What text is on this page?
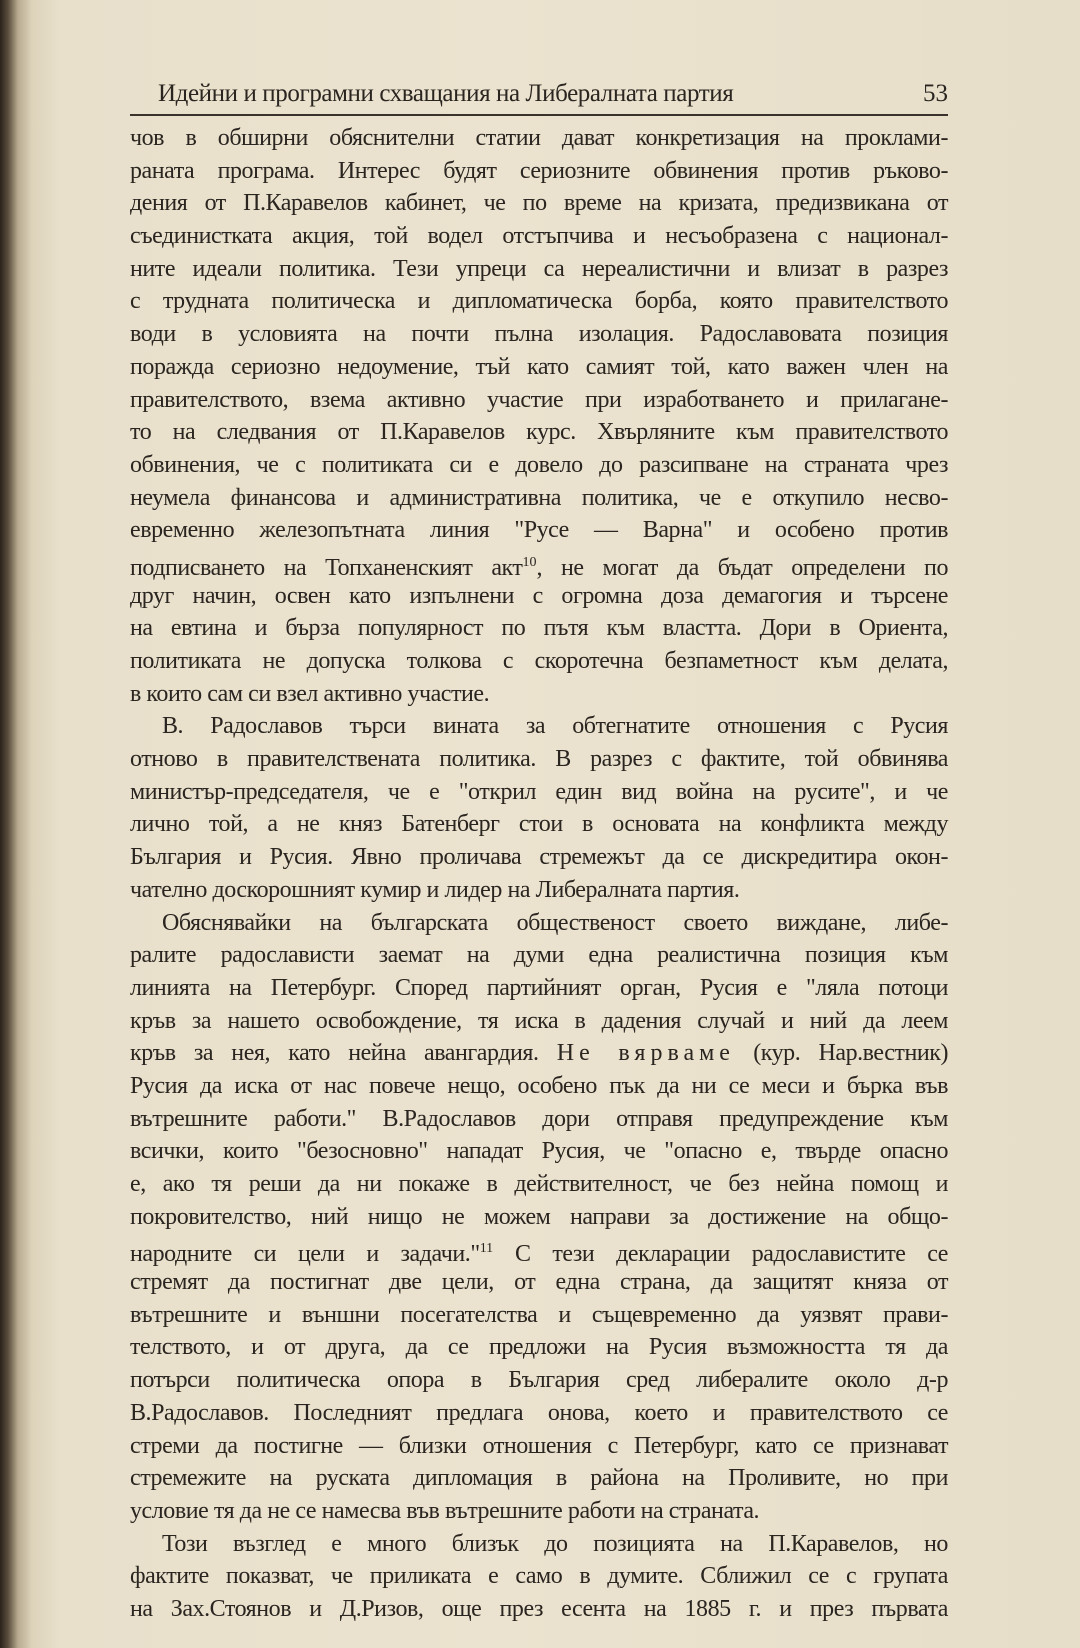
Идейни и програмни схващания на Либералната партия	53
чов в обширни обяснителни статии дават конкретизация на проклами-
раната програма. Интерес будят сериозните обвинения против ръково-
дения от П.Каравелов кабинет, че по време на кризата, предизвикана от
съединистката акция, той водел отстъпчива и несъобразена с национал-
ните идеали политика. Тези упреци са нереалистични и влизат в разрез
с трудната политическа и дипломатическа борба, която правителството
води в условията на почти пълна изолация. Радославовата позиция
поражда сериозно недоумение, тъй като самият той, като важен член на
правителството, взема активно участие при изработването и прилагане-
то на следвания от П.Каравелов курс. Хвърляните към правителството
обвинения, че с политиката си е довело до разсипване на страната чрез
неумела финансова и административна политика, че е откупило несво-
евременно железопътната линия "Русе — Варна" и особено против
подписването на Топханенският акт$^{10}$, не могат да бъдат определени по
друг начин, освен като изпълнени с огромна доза демагогия и търсене
на евтина и бърза популярност по пътя към властта. Дори в Ориента,
политиката не допуска толкова с скоротечна безпаметност към делата,
в които сам си взел активно участие.
В. Радославов търси вината за обтегнатите отношения с Русия
отново в правителствената политика. В разрез с фактите, той обвинява
министър-председателя, че е "открил един вид война на русите", и че
лично той, а не княз Батенберг стои в основата на конфликта между
България и Русия. Явно проличава стремежът да се дискредитира окон-
чателно доскорошният кумир и лидер на Либералната партия.
Обяснявайки на българската общественост своето виждане, либе-
ралите радослависти заемат на думи една реалистична позиция към
линията на Петербург. Според партийният орган, Русия е "ляла потоци
кръв за нашето освобождение, тя иска в дадения случай и ний да леем
кръв за нея, като нейна авангардия. Не вярваме (кур. Нар.вестник)
Русия да иска от нас повече нещо, особено пък да ни се меси и бърка във
вътрешните работи." В.Радославов дори отправя предупреждение към
всички, които "безосновно" нападат Русия, че "опасно е, твърде опасно
е, ако тя реши да ни покаже в действителност, че без нейна помощ и
покровителство, ний нищо не можем направи за достижение на общо-
народните си цели и задачи."$^{11}$ С тези декларации радославистите се
стремят да постигнат две цели, от една страна, да защитят княза от
вътрешните и външни посегателства и същевременно да уязвят прави-
телството, и от друга, да се предложи на Русия възможността тя да
потърси политическа опора в България сред либералите около д-р
В.Радославов. Последният предлага онова, което и правителството се
стреми да постигне — близки отношения с Петербург, като се признават
стремежите на руската дипломация в района на Проливите, но при
условие тя да не се намесва във вътрешните работи на страната.
Този възглед е много близък до позицията на П.Каравелов, но
фактите показват, че приликата е само в думите. Сближил се с групата
на Зах.Стоянов и Д.Ризов, още през есента на 1885 г. и през първата
